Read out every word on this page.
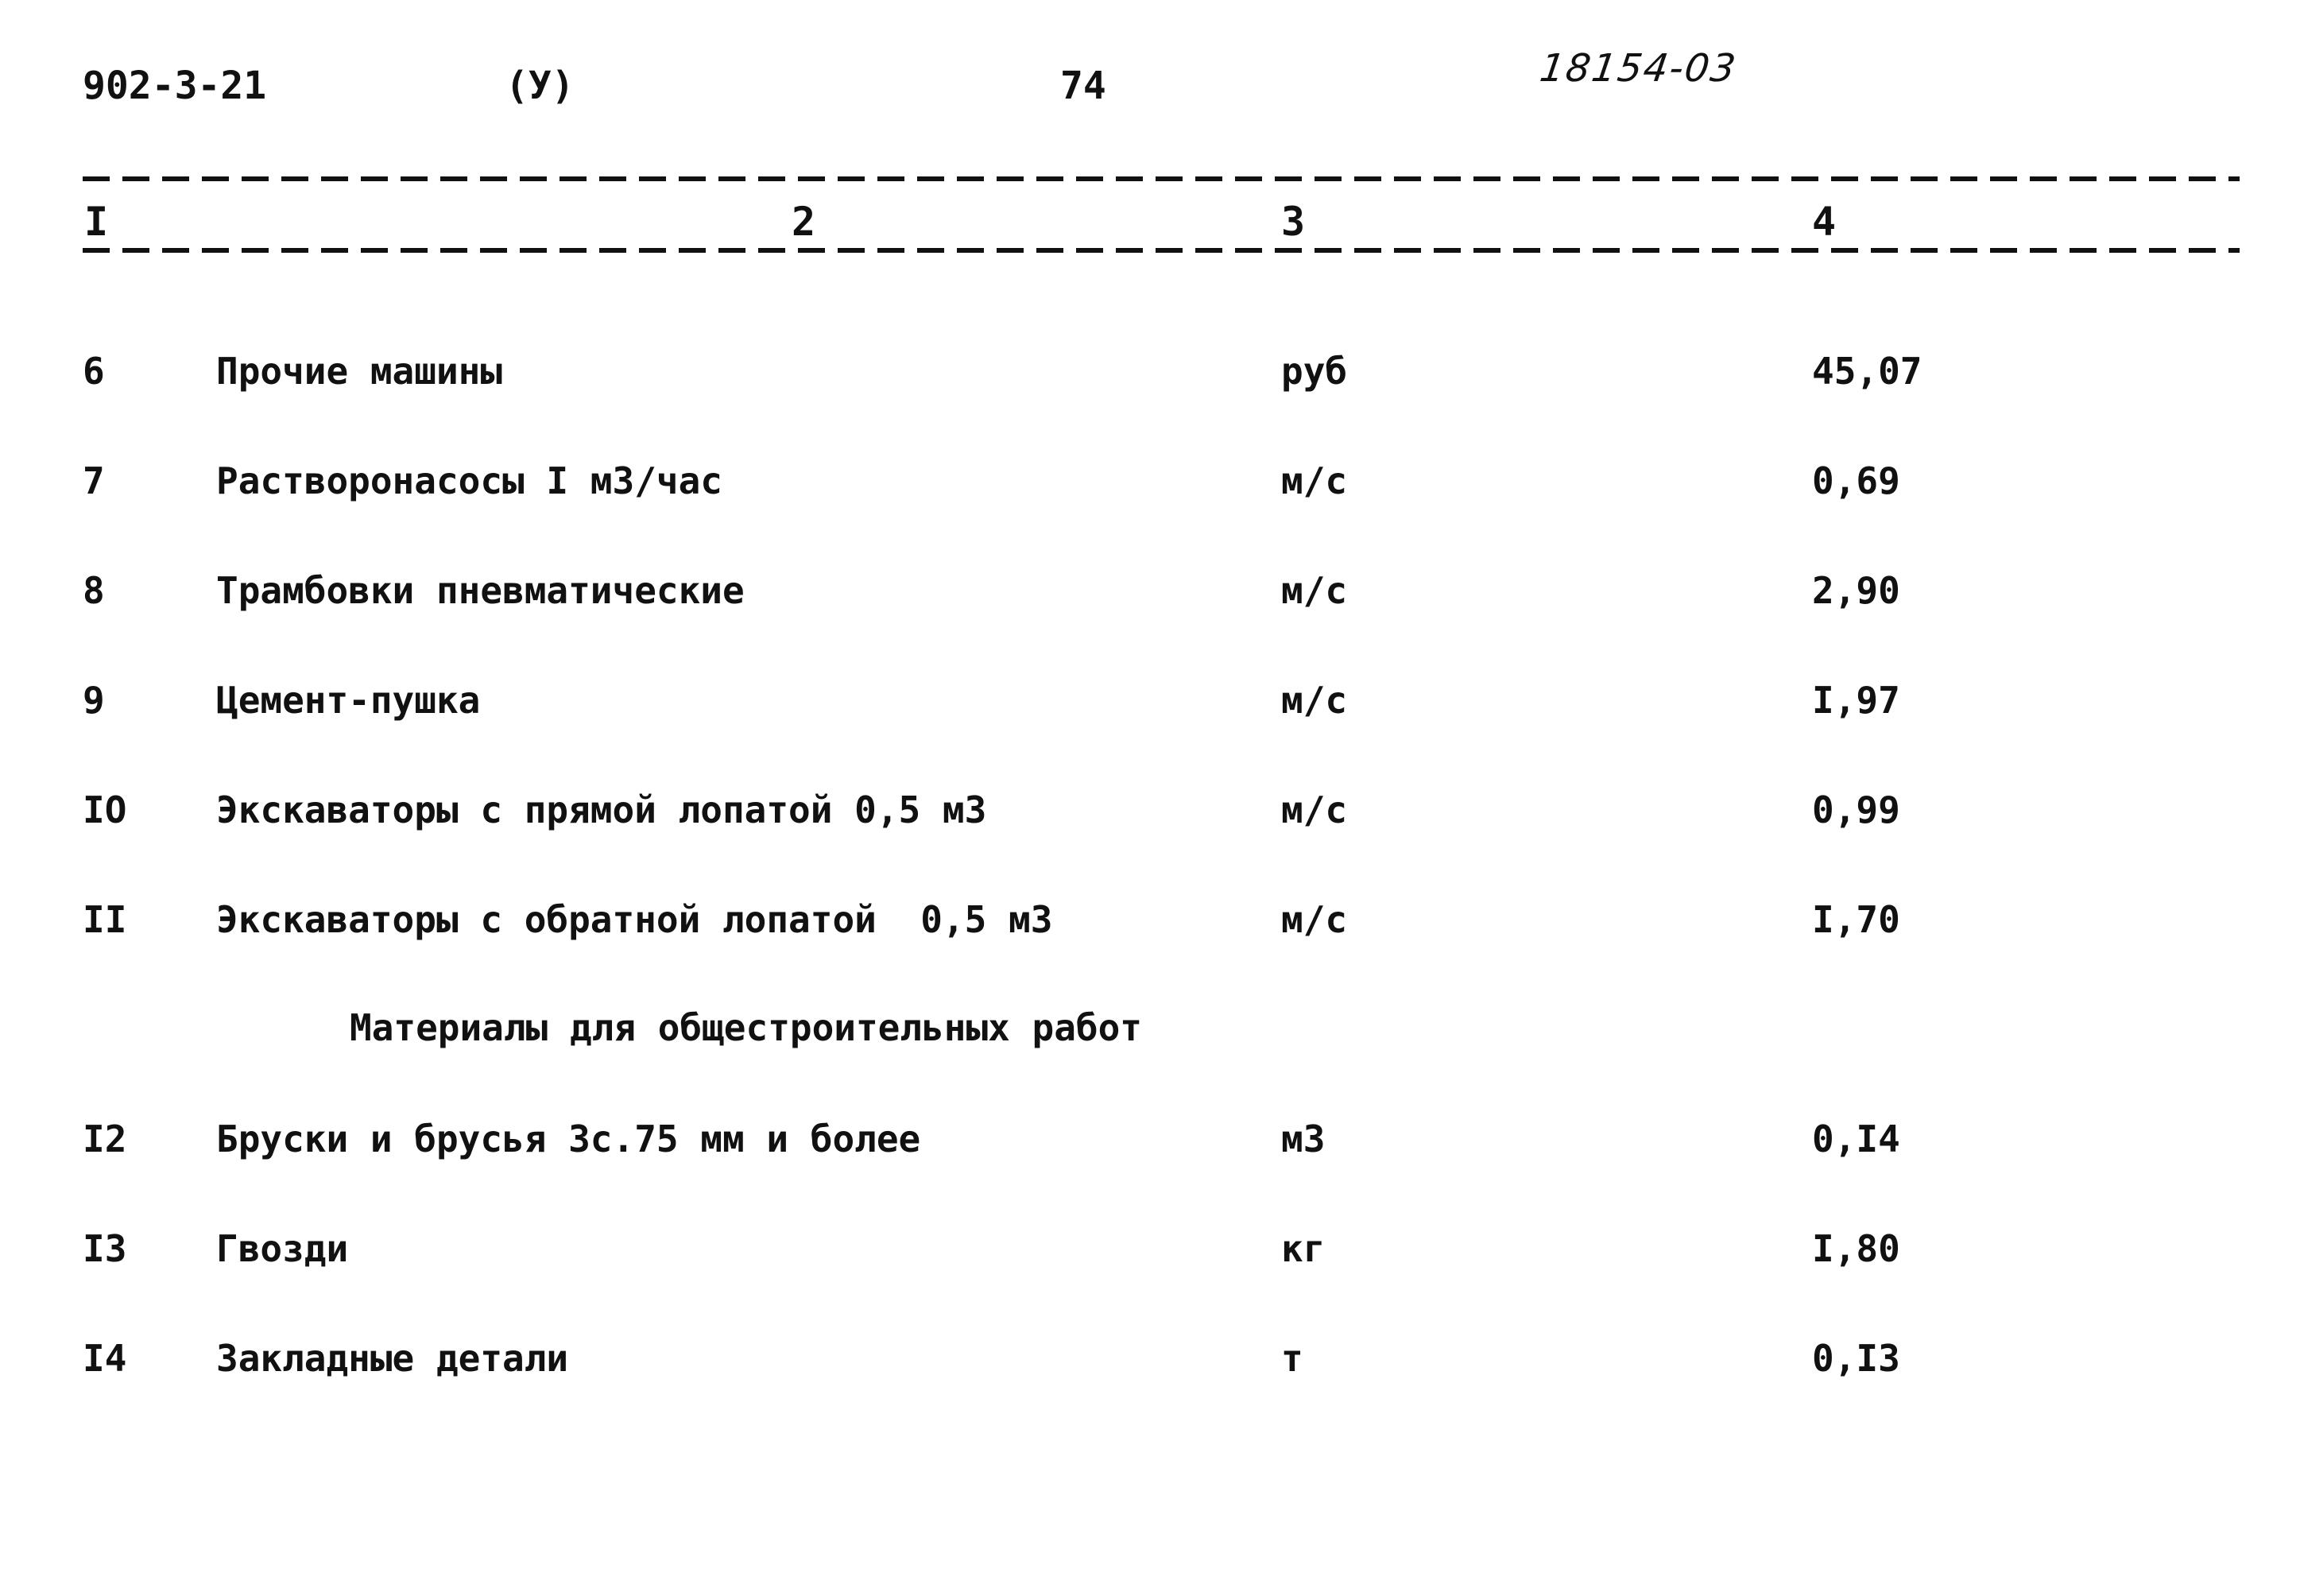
902-3-21	(У)	74	18154-03
I	2	3	4
6	Прочие машины	руб	45,07
7	Растворонасосы I м3/час	м/с	0,69
8	Трамбовки пневматические	м/с	2,90
9	Цемент-пушка	м/с	I,97
IO Экскаваторы с прямой лопатой 0,5 м3	м/с	0,99
II Экскаваторы с обратной лопатой  0,5 м3	м/с	I,70
Материалы для общестроительных работ
I2 Бруски и брусья 3с.75 мм и более	м3	0,I4
I3 Гвозди	кг	I,80
I4 Закладные детали	т	0,I3
